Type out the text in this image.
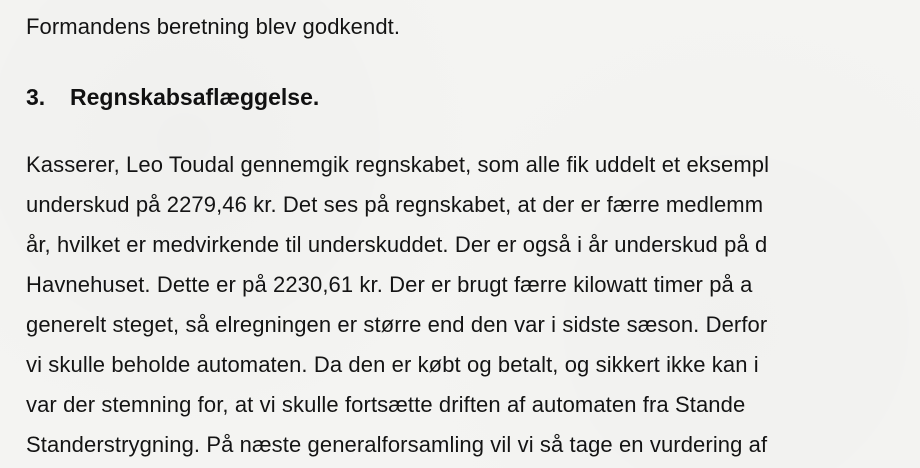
Formandens beretning blev godkendt.
3. Regnskabsaflæggelse.
Kasserer, Leo Toudal gennemgik regnskabet, som alle fik uddelt et eksempl
underskud på 2279,46 kr. Det ses på regnskabet, at der er færre medlemm
år, hvilket er medvirkende til underskuddet. Der er også i år underskud på d
Havnehuset. Dette er på 2230,61 kr. Der er brugt færre kilowatt timer på a
generelt steget, så elregningen er større end den var i sidste sæson. Derfor
vi skulle beholde automaten. Da den er købt og betalt, og sikkert ikke kan i
var der stemning for, at vi skulle fortsætte driften af automaten fra Stande
Standerstrygning. På næste generalforsamling vil vi så tage en vurdering af
